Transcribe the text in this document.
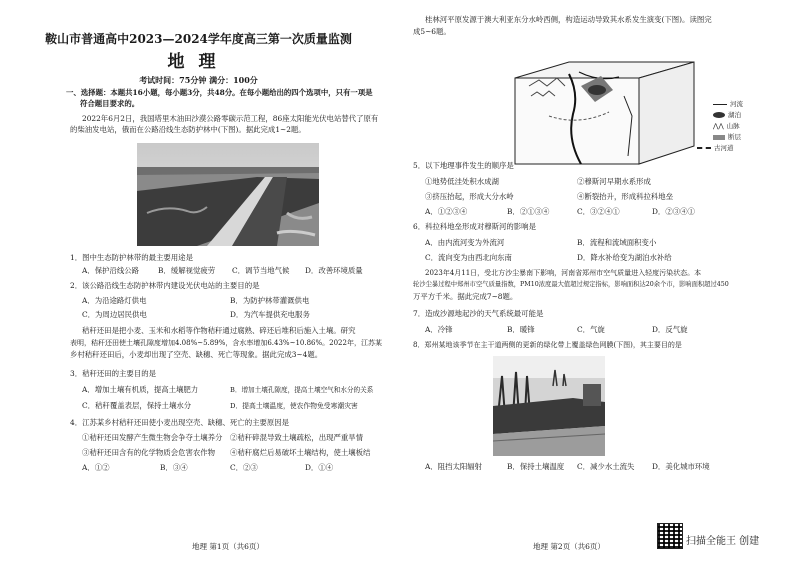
鞍山市普通高中2023—2024学年度高三第一次质量监测
地理
考试时间：75分钟 满分：100分
一、选择题：本题共16小题，每小题3分，共48分。在每小题给出的四个选项中，只有一项是
符合题目要求的。
2022年6月2日，我国塔里木油田沙漠公路零碳示范工程，86座太阳能光伏电站替代了原有
的柴油发电站，俄而在公路沿线生态防护林中(下图)。据此完成1~2题。
1．图中生态防护林带的最主要用途是
A．保护沿线公路	B．缓解视觉疲劳 C．调节当地气候 D．改善环境质量
2．该公路沿线生态防护林带内建设光伏电站的主要目的是
A．为沿途路灯供电	B．为防护林带灌溉供电
C．为周边居民供电	D．为汽车提供充电服务
秸秆还田是把小麦、玉米和水稻等作物秸秆通过腐熟、碎还后堆积后施入土壤。研究
表明，秸秆还田使土壤孔隙度增加4.08%~5.89%，含水率增加6.43%~10.86%。2022年，江苏某
乡村秸秆还田后，小麦却出现了空壳、缺穗、死亡等现象。据此完成3~4题。
3．秸秆还田的主要目的是
A．增加土壤有机质，提高土壤肥力	B．增加土壤孔隙度，提高土壤空气和水分的关系
C．秸秆覆盖表层，保持土壤水分	D．提高土壤温度，使农作物免受寒潮灾害
4．江苏某乡村秸秆还田使小麦出现空壳、缺穗、死亡的主要原因是
①秸秆还田发酵产生微生物会争夺土壤养分 ②秸秆碎混导致土壤疏松，出现严重旱情
③秸秆还田含有的化学物质会危害农作物 ④秸秆腐烂后易破坏土壤结构，使土壤板结
A．①②	B．③④	C．②③	D．①④
地理 第1页（共6页）
桂林河平原发源于澳大利亚东分水岭西侧，构造运动导致其水系发生演变(下图)。读图完
成5~6题。
河流
湖泊
⋀⋀ 山脉
断层
古河道
5．以下地理事件发生的顺序是
①地势低洼处积水成湖	②穆斯河早期水系形成
③挤压抬起，形成大分水岭	④断裂抬升，形成科拉科地垒
A．①②③④	B．②①③④	C．③②④①	D．②③④①
6．科拉科地垒形成对穆斯河的影响是
A．由内流河变为外流河	B．流程和流域面积变小
C．流向变为由西北向东南	D．降水补给变为湖泊水补给
2023年4月11日，受北方沙尘暴南下影响，河南省郑州市空气质量进入轻度污染状态。本
轮沙尘暴过程中郑州市空气质量指数，PM10浓度最大值超过规定指标，影响面积达20余个市，影响面积超过450
万平方千米。据此完成7~8题。
7．造成沙源地起沙的天气系统最可能是
A．冷锋	B．暖锋	C．气旋	D．反气旋
8．郑州某地该季节在主干道两侧的更新的绿化带上覆盖绿色网膜(下图)，其主要目的是
A．阻挡太阳辐射	B．保持土壤温度 C．减少水土流失 D．美化城市环境
地理 第2页（共6页）	扫描全能王 创建
